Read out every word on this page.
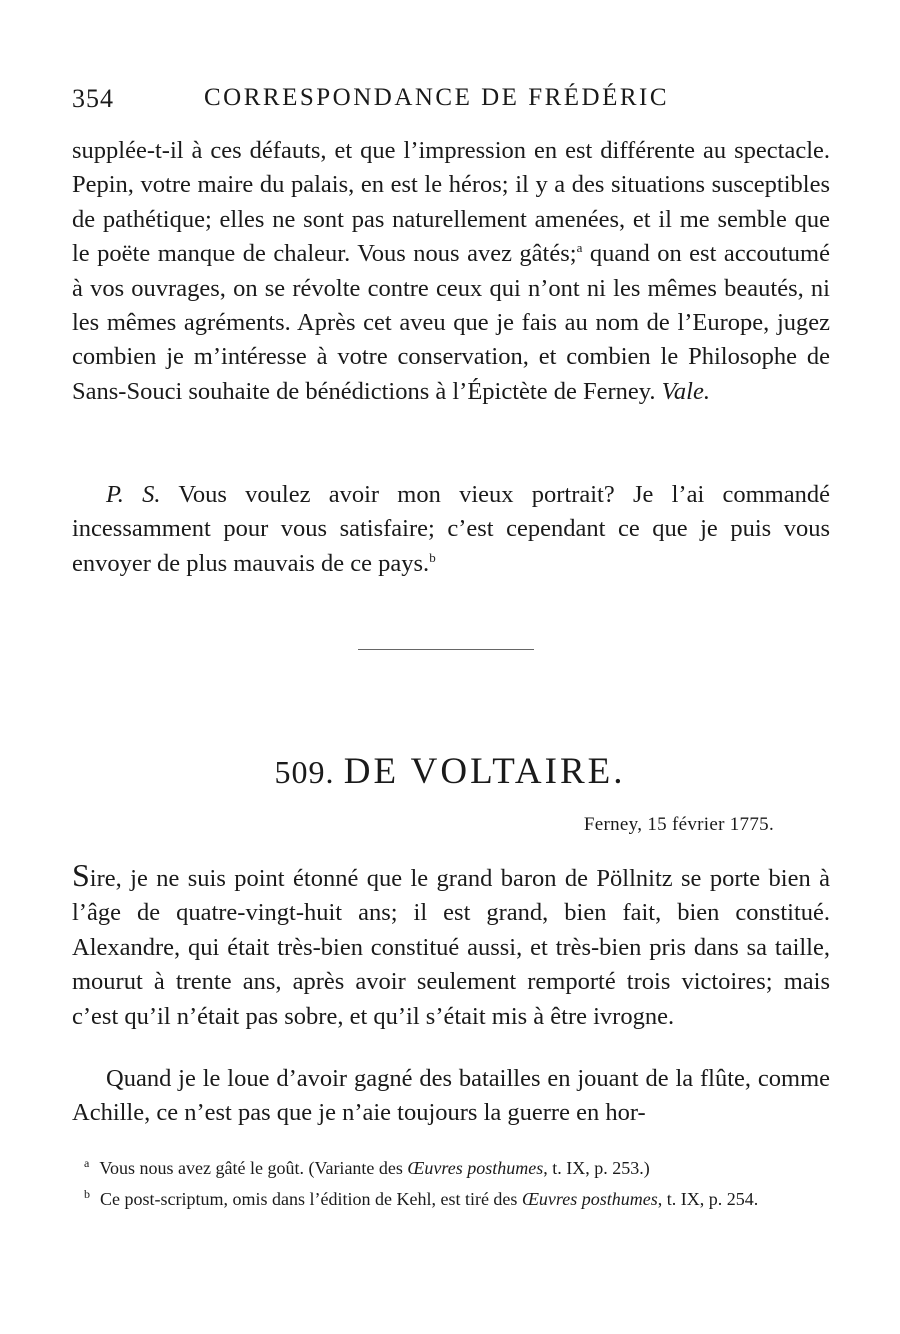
354	CORRESPONDANCE DE FRÉDÉRIC

supplée-t-il à ces défauts, et que l’impression en est différente au spectacle. Pepin, votre maire du palais, en est le héros; il y a des situations susceptibles de pathétique; elles ne sont pas naturellement amenées, et il me semble que le poëte manque de chaleur. Vous nous avez gâtés;$^a$ quand on est accoutumé à vos ouvrages, on se révolte contre ceux qui n’ont ni les mêmes beautés, ni les mêmes agréments. Après cet aveu que je fais au nom de l’Europe, jugez combien je m’intéresse à votre conservation, et combien le Philosophe de Sans-Souci souhaite de bénédictions à l’Épictète de Ferney. Vale.

P. S. Vous voulez avoir mon vieux portrait? Je l’ai commandé incessamment pour vous satisfaire; c’est cependant ce que je puis vous envoyer de plus mauvais de ce pays.$^b$

509. DE VOLTAIRE.
Ferney, 15 février 1775.

Sire, je ne suis point étonné que le grand baron de Pöllnitz se porte bien à l’âge de quatre-vingt-huit ans; il est grand, bien fait, bien constitué. Alexandre, qui était très-bien constitué aussi, et très-bien pris dans sa taille, mourut à trente ans, après avoir seulement remporté trois victoires; mais c’est qu’il n’était pas sobre, et qu’il s’était mis à être ivrogne.

Quand je le loue d’avoir gagné des batailles en jouant de la flûte, comme Achille, ce n’est pas que je n’aie toujours la guerre en hor-

$^a$ Vous nous avez gâté le goût. (Variante des Œuvres posthumes, t. IX, p. 253.)
$^b$ Ce post-scriptum, omis dans l’édition de Kehl, est tiré des Œuvres posthumes, t. IX, p. 254.
